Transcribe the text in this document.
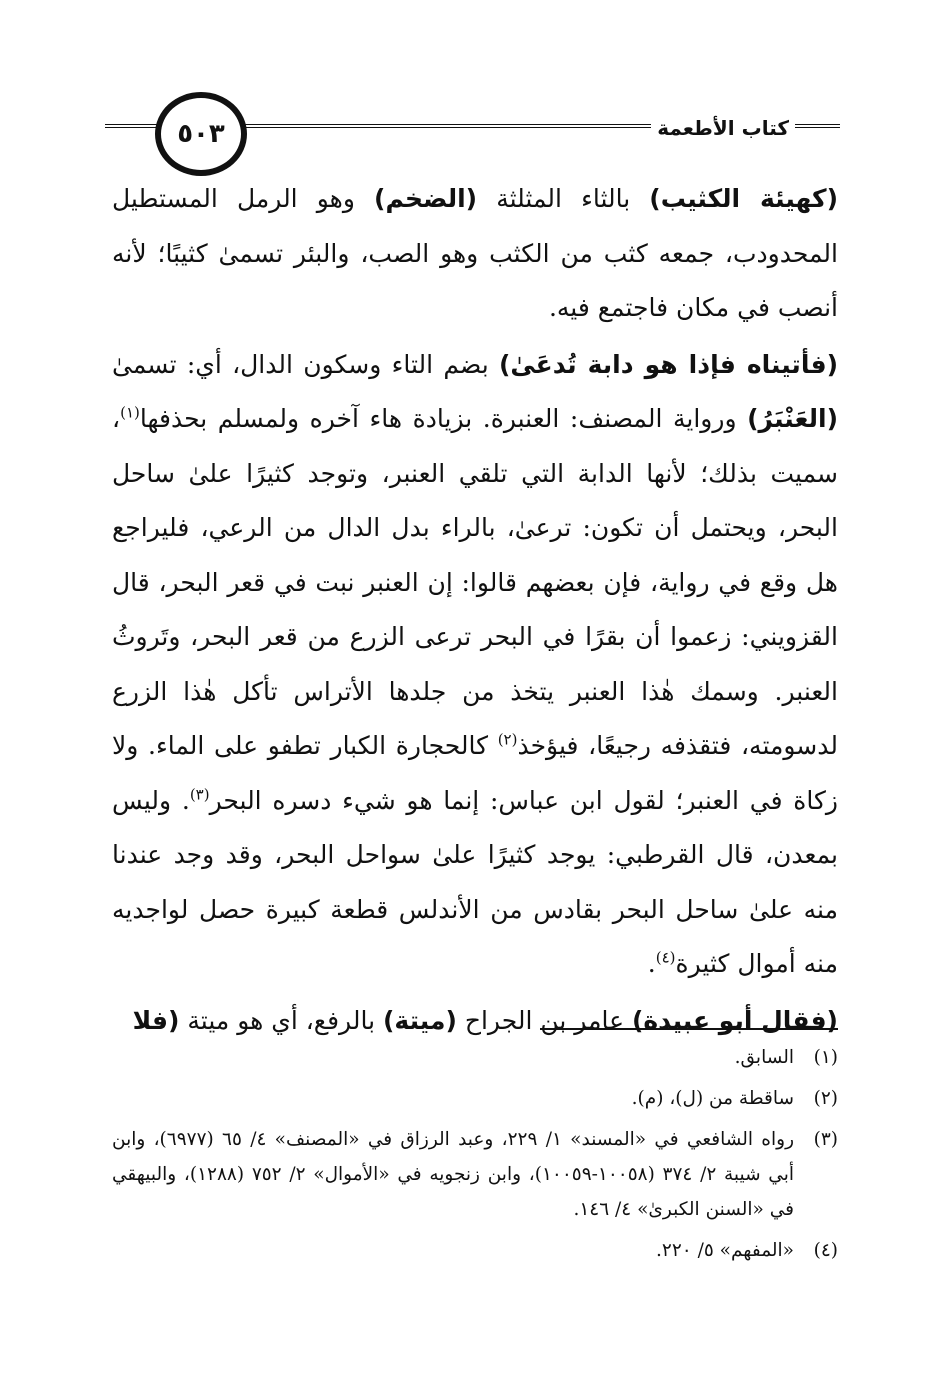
٥٠٣	كتاب الأطعمة

(كهيئة الكثيب) بالثاء المثلثة (الضخم) وهو الرمل المستطيل المحدودب، جمعه كثب من الكثب وهو الصب، والبئر تسمىٰ كثيبًا؛ لأنه أنصب في مكان فاجتمع فيه.

(فأتيناه فإذا هو دابة تُدعَىٰ) بضم التاء وسكون الدال، أي: تسمىٰ (العَنْبَرُ) ورواية المصنف: العنبرة. بزيادة هاء آخره ولمسلم بحذفها$^{(١)}$، سميت بذلك؛ لأنها الدابة التي تلقي العنبر، وتوجد كثيرًا علىٰ ساحل البحر، ويحتمل أن تكون: ترعىٰ، بالراء بدل الدال من الرعي، فليراجع هل وقع في رواية، فإن بعضهم قالوا: إن العنبر نبت في قعر البحر، قال القزويني: زعموا أن بقرًا في البحر ترعى الزرع من قعر البحر، وتَروثُ العنبر. وسمك هٰذا العنبر يتخذ من جلدها الأتراس تأكل هٰذا الزرع لدسومته، فتقذفه رجيعًا، فيؤخذ$^{(٢)}$ كالحجارة الكبار تطفو على الماء. ولا زكاة في العنبر؛ لقول ابن عباس: إنما هو شيء دسره البحر$^{(٣)}$. وليس بمعدن، قال القرطبي: يوجد كثيرًا علىٰ سواحل البحر، وقد وجد عندنا منه علىٰ ساحل البحر بقادس من الأندلس قطعة كبيرة حصل لواجديه منه أموال كثيرة$^{(٤)}$.

(فقال أبو عبيدة) عامر بن الجراح (ميتة) بالرفع، أي هو ميتة (فلا

(١)
السابق.
(٢)
ساقطة من (ل)، (م).
(٣)
رواه الشافعي في «المسند» ١/ ٢٢٩، وعبد الرزاق في «المصنف» ٤/ ٦٥ (٦٩٧٧)، وابن أبي شيبة ٢/ ٣٧٤ (١٠٠٥٨-١٠٠٥٩)، وابن زنجويه في «الأموال» ٢/ ٧٥٢ (١٢٨٨)، والبيهقي في «السنن الكبرىٰ» ٤/ ١٤٦.
(٤)
«المفهم» ٥/ ٢٢٠.
